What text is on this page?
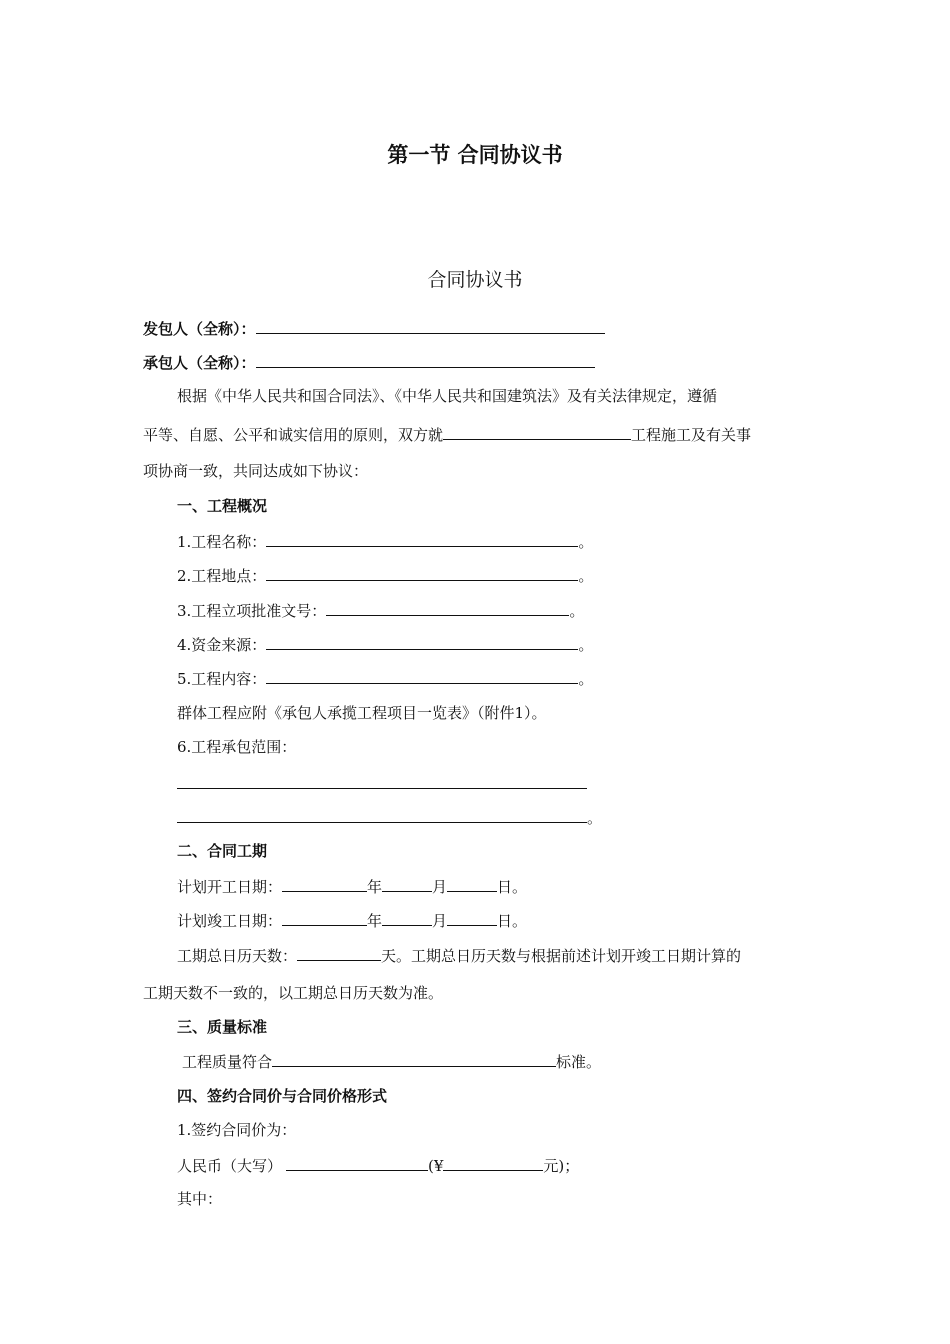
第一节 合同协议书
合同协议书
发包人（全称）：
承包人（全称）：
根据《中华人民共和国合同法》、《中华人民共和国建筑法》及有关法律规定，遵循
平等、自愿、公平和诚实信用的原则，双方就	工程施工及有关事
项协商一致，共同达成如下协议：
一、工程概况
1.工程名称：	。
2.工程地点：	。
3.工程立项批准文号：	。
4.资金来源：	。
5.工程内容：	。
群体工程应附《承包人承揽工程项目一览表》（附件1）。
6.工程承包范围：
。
二、合同工期
计划开工日期：	年	月	日。
计划竣工日期：	年	月	日。
工期总日历天数：	天。工期总日历天数与根据前述计划开竣工日期计算的
工期天数不一致的，以工期总日历天数为准。
三、质量标准
工程质量符合	标准。
四、签约合同价与合同价格形式
1.签约合同价为：
人民币（大写）	(¥	元)；
其中：
